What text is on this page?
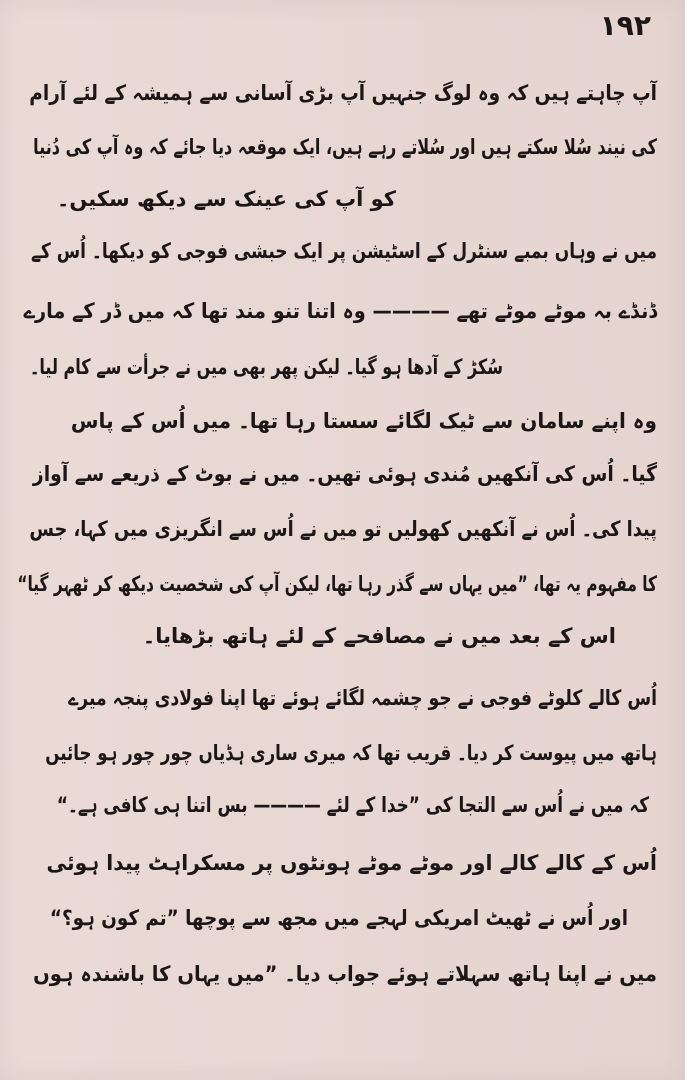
۱۹۲
آپ چاہتے ہیں کہ وہ لوگ جنہیں آپ بڑی آسانی سے ہمیشہ کے لئے آرام
کی نیند سُلا سکتے ہیں اور سُلاتے رہے ہیں، ایک موقعہ دیا جائے کہ وہ آپ کی دُنیا
کو آپ کی عینک سے دیکھ سکیں۔
میں نے وہاں بمبے سنٹرل کے اسٹیشن پر ایک حبشی فوجی کو دیکھا۔ اُس کے
ڈنڈے بہ موٹے موٹے تھے ———— وہ اتنا تنو مند تھا کہ میں ڈر کے مارے
سُکڑ کے آدھا ہو گیا۔ لیکن پھر بھی میں نے جرأت سے کام لیا۔
وہ اپنے سامان سے ٹیک لگائے سستا رہا تھا۔ میں اُس کے پاس
گیا۔ اُس کی آنکھیں مُندی ہوئی تھیں۔ میں نے بوٹ کے ذریعے سے آواز
پیدا کی۔ اُس نے آنکھیں کھولیں تو میں نے اُس سے انگریزی میں کہا، جس
کا مفہوم یہ تھا، ”میں یہاں سے گذر رہا تھا، لیکن آپ کی شخصیت دیکھ کر ٹھہر گیا“
اس کے بعد میں نے مصافحے کے لئے ہاتھ بڑھایا۔
اُس کالے کلوٹے فوجی نے جو چشمہ لگائے ہوئے تھا اپنا فولادی پنجہ میرے
ہاتھ میں پیوست کر دیا۔ قریب تھا کہ میری ساری ہڈیاں چور چور ہو جائیں
کہ میں نے اُس سے التجا کی ”خدا کے لئے ———— بس اتنا ہی کافی ہے۔“
اُس کے کالے کالے اور موٹے موٹے ہونٹوں پر مسکراہٹ پیدا ہوئی
اور اُس نے ٹھیٹ امریکی لہجے میں مجھ سے پوچھا ”تم کون ہو؟“
میں نے اپنا ہاتھ سہلاتے ہوئے جواب دیا۔ ”میں یہاں کا باشندہ ہوں
